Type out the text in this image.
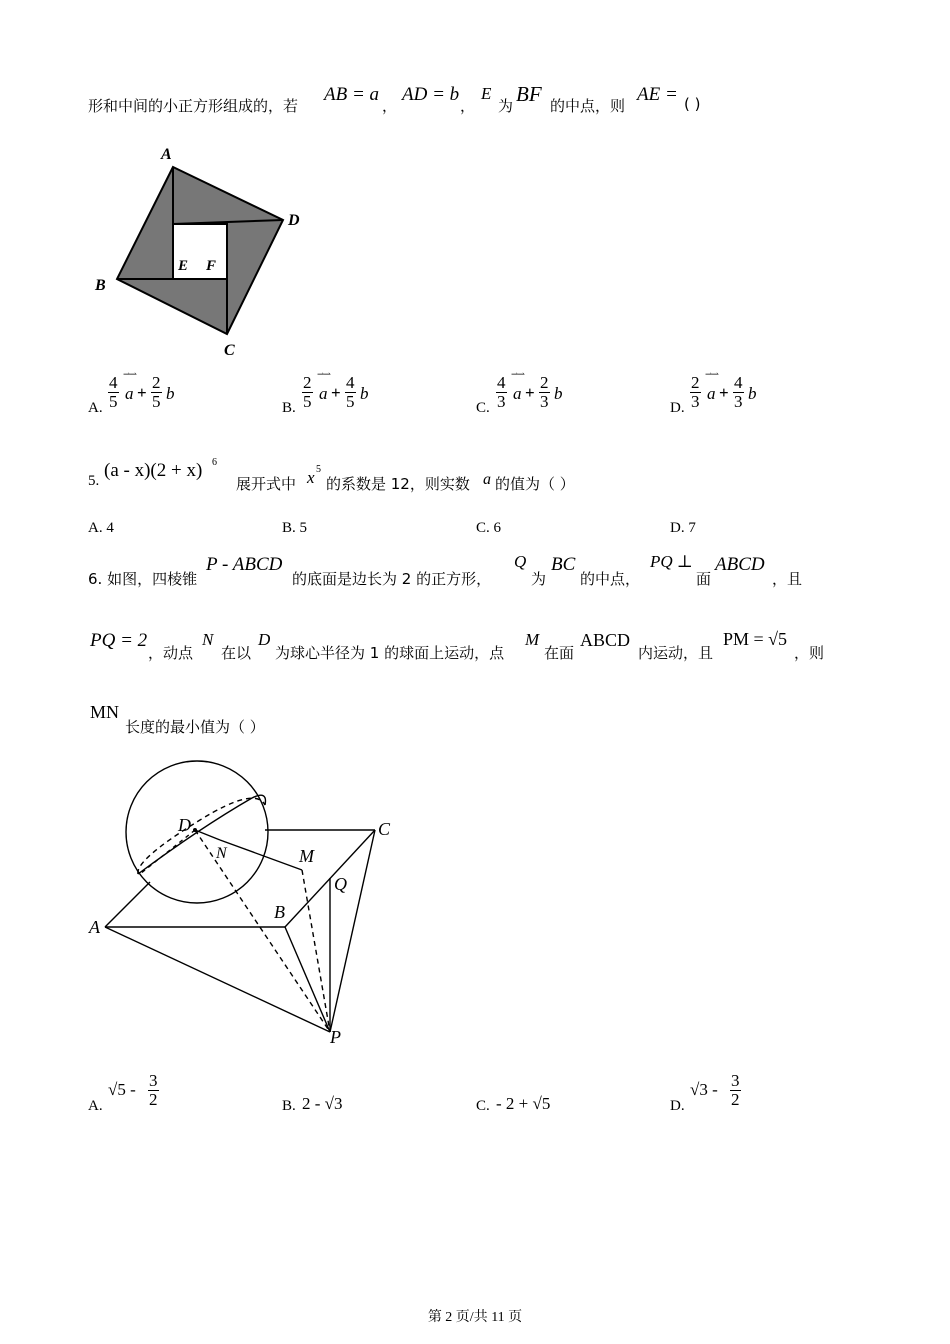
形和中间的小正方形组成的，若
AB = a
，
AD = b
，
E
为 BF 的中点，则
AE = ( )
A
D
B
C
E F
A. $\frac{4}{5}$ ⇀⇀
$a + \frac{2}{5}$ b
B. $\frac{2}{5}$ ⇀⇀
$a + \frac{4}{5}$ b
C. $\frac{4}{3}$ ⇀⇀
$a + \frac{2}{3}$ b
D. $\frac{2}{3}$ ⇀⇀
$a + \frac{4}{3}$ b
5. (a - x)(2 + x) 6
展开式中 x 5
的系数是 12，则实数 a 的值为（ ）
A. 4	B. 5	C. 6	D. 7
6. 如图，四棱锥
P - ABCD
的底面是边长为 2 的正方形，
Q
为
BC
的中点，
PQ ⊥
面
ABCD
，且
PQ = 2
，动点
N
在以
D
为球心半径为 1 的球面上运动，点
M
在面
ABCD
内运动，且
PM = √5
，则
MN
长度的最小值为（ ）
D
N	M
C
Q
B
A
P
A.
$√5 - \frac{3}{2}$	B. 2 - √3	C. - 2 + √5	D.
$√3 - \frac{3}{2}$
第 2 页/共 11 页
